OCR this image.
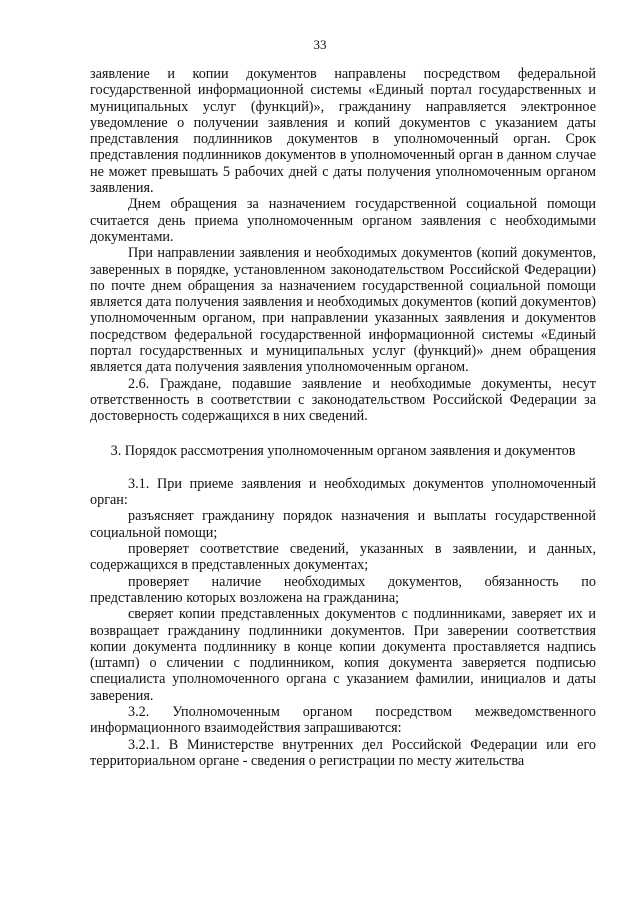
33

заявление и копии документов направлены посредством федеральной государственной информационной системы «Единый портал государственных и муниципальных услуг (функций)», гражданину направляется электронное уведомление о получении заявления и копий документов с указанием даты представления подлинников документов в уполномоченный орган. Срок представления подлинников документов в уполномоченный орган в данном случае не может превышать 5 рабочих дней с даты получения уполномоченным органом заявления.

Днем обращения за назначением государственной социальной помощи считается день приема уполномоченным органом заявления с необходимыми документами.

При направлении заявления и необходимых документов (копий документов, заверенных в порядке, установленном законодательством Российской Федерации) по почте днем обращения за назначением государственной социальной помощи является дата получения заявления и необходимых документов (копий документов) уполномоченным органом, при направлении указанных заявления и документов посредством федеральной государственной информационной системы «Единый портал государственных и муниципальных услуг (функций)» днем обращения является дата получения заявления уполномоченным органом.

2.6. Граждане, подавшие заявление и необходимые документы, несут ответственность в соответствии с законодательством Российской Федерации за достоверность содержащихся в них сведений.

3. Порядок рассмотрения уполномоченным органом заявления и документов

3.1. При приеме заявления и необходимых документов уполномоченный орган:

разъясняет гражданину порядок назначения и выплаты государственной социальной помощи;

проверяет соответствие сведений, указанных в заявлении, и данных, содержащихся в представленных документах;

проверяет наличие необходимых документов, обязанность по представлению которых возложена на гражданина;

сверяет копии представленных документов с подлинниками, заверяет их и возвращает гражданину подлинники документов. При заверении соответствия копии документа подлиннику в конце копии документа проставляется надпись (штамп) о сличении с подлинником, копия документа заверяется подписью специалиста уполномоченного органа с указанием фамилии, инициалов и даты заверения.

3.2. Уполномоченным органом посредством межведомственного информационного взаимодействия запрашиваются:

3.2.1. В Министерстве внутренних дел Российской Федерации или его территориальном органе - сведения о регистрации по месту жительства
